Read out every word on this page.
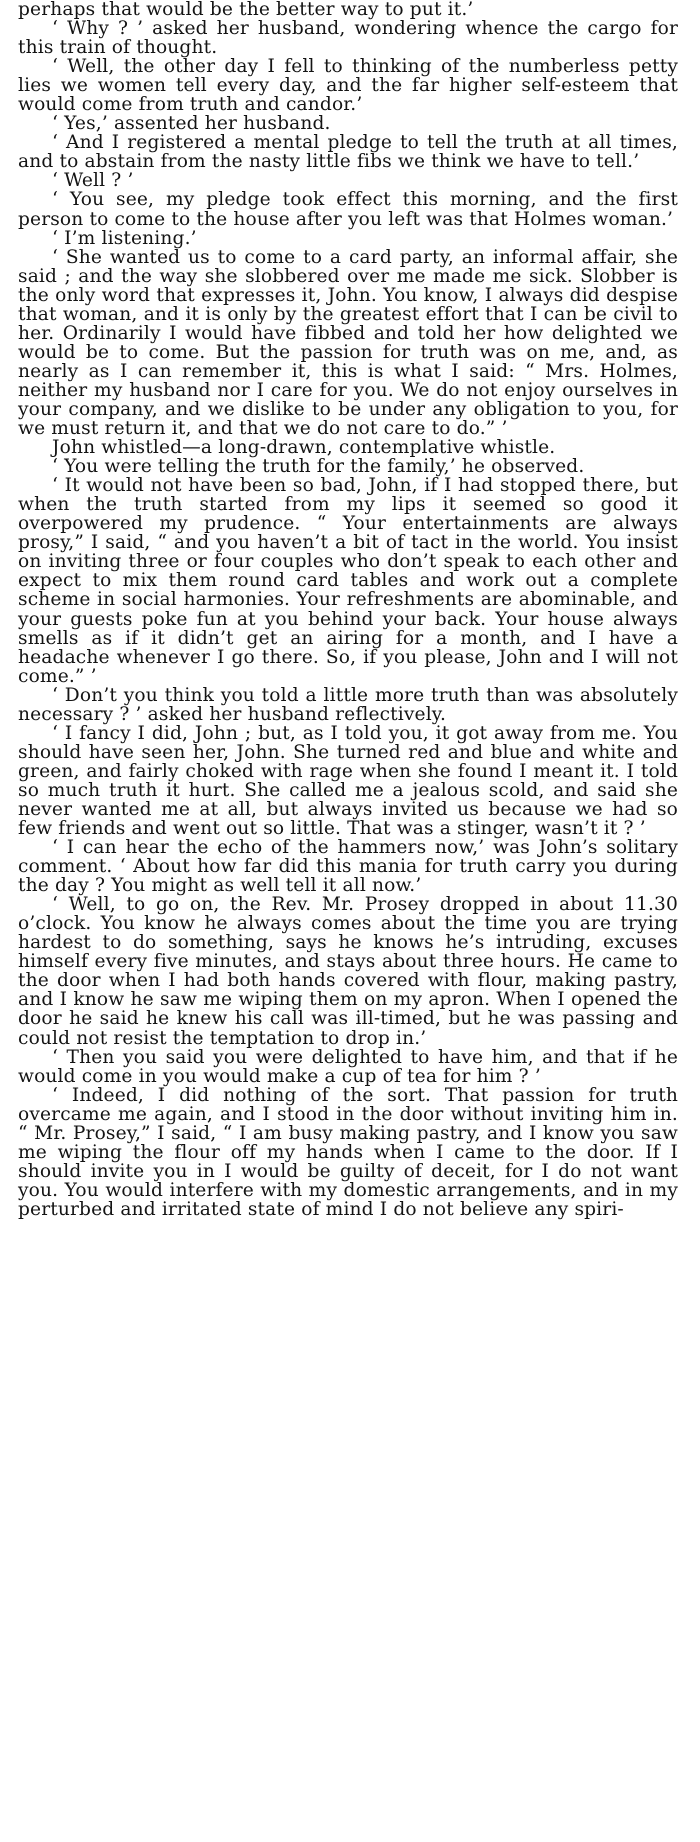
perhaps that would be the better way to put it.’

‘ Why ? ’ asked her husband, wondering whence the cargo for this train of thought.

‘ Well, the other day I fell to thinking of the numberless petty lies we women tell every day, and the far higher self-esteem that would come from truth and candor.’

‘ Yes,’ assented her husband.

‘ And I registered a mental pledge to tell the truth at all times, and to abstain from the nasty little fibs we think we have to tell.’

‘ Well ? ’

‘ You see, my pledge took effect this morning, and the first person to come to the house after you left was that Holmes woman.’

‘ I’m listening.’

‘ She wanted us to come to a card party, an informal affair, she said ; and the way she slobbered over me made me sick. Slobber is the only word that expresses it, John. You know, I always did despise that woman, and it is only by the greatest effort that I can be civil to her. Ordinarily I would have fibbed and told her how delighted we would be to come. But the passion for truth was on me, and, as nearly as I can remember it, this is what I said: “ Mrs. Holmes, neither my husband nor I care for you. We do not enjoy ourselves in your company, and we dislike to be under any obligation to you, for we must return it, and that we do not care to do.” ’

John whistled—a long-drawn, contemplative whistle.

‘ You were telling the truth for the family,’ he observed.

‘ It would not have been so bad, John, if I had stopped there, but when the truth started from my lips it seemed so good it overpowered my prudence. “ Your entertainments are always prosy,” I said, “ and you haven’t a bit of tact in the world. You insist on inviting three or four couples who don’t speak to each other and expect to mix them round card tables and work out a complete scheme in social harmonies. Your refreshments are abominable, and your guests poke fun at you behind your back. Your house always smells as if it didn’t get an airing for a month, and I have a headache whenever I go there. So, if you please, John and I will not come.” ’

‘ Don’t you think you told a little more truth than was absolutely necessary ? ’ asked her husband reflectively.

‘ I fancy I did, John ; but, as I told you, it got away from me. You should have seen her, John. She turned red and blue and white and green, and fairly choked with rage when she found I meant it. I told so much truth it hurt. She called me a jealous scold, and said she never wanted me at all, but always invited us because we had so few friends and went out so little. That was a stinger, wasn’t it ? ’

‘ I can hear the echo of the hammers now,’ was John’s solitary comment. ‘ About how far did this mania for truth carry you during the day ? You might as well tell it all now.’

‘ Well, to go on, the Rev. Mr. Prosey dropped in about 11.30 o’clock. You know he always comes about the time you are trying hardest to do something, says he knows he’s intruding, excuses himself every five minutes, and stays about three hours. He came to the door when I had both hands covered with flour, making pastry, and I know he saw me wiping them on my apron. When I opened the door he said he knew his call was ill-timed, but he was passing and could not resist the temptation to drop in.’

‘ Then you said you were delighted to have him, and that if he would come in you would make a cup of tea for him ? ’

‘ Indeed, I did nothing of the sort. That passion for truth overcame me again, and I stood in the door without inviting him in. “ Mr. Prosey,” I said, “ I am busy making pastry, and I know you saw me wiping the flour off my hands when I came to the door. If I should invite you in I would be guilty of deceit, for I do not want you. You would interfere with my domestic arrangements, and in my perturbed and irritated state of mind I do not believe any spiri-
